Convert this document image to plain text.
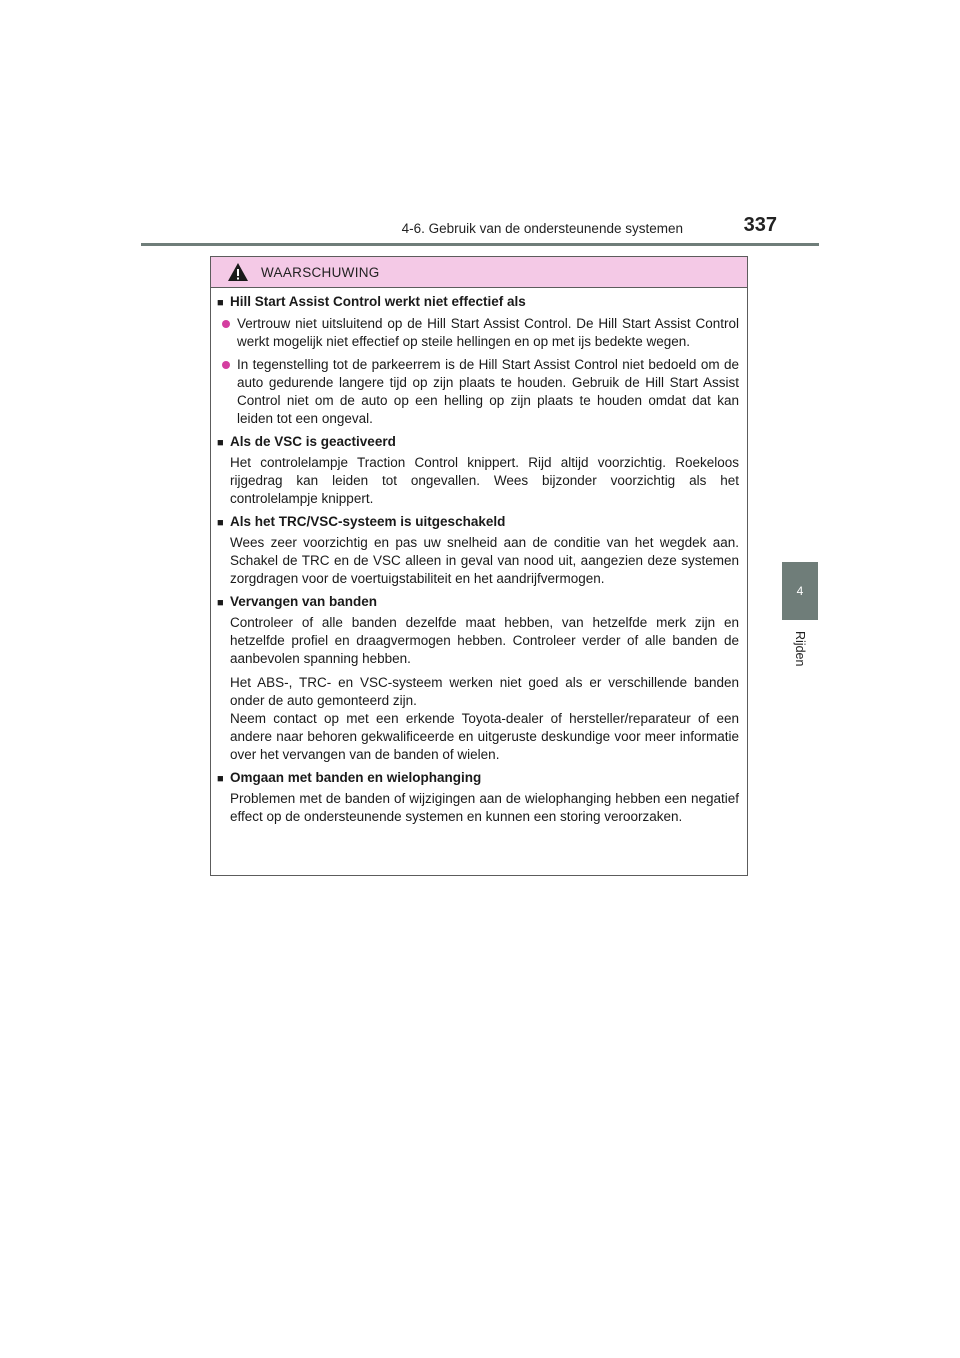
4-6. Gebruik van de ondersteunende systemen	337
4
Rijden
WAARSCHUWING
■ Hill Start Assist Control werkt niet effectief als
Vertrouw niet uitsluitend op de Hill Start Assist Control. De Hill Start Assist Control werkt mogelijk niet effectief op steile hellingen en op met ijs bedekte wegen.
In tegenstelling tot de parkeerrem is de Hill Start Assist Control niet bedoeld om de auto gedurende langere tijd op zijn plaats te houden. Gebruik de Hill Start Assist Control niet om de auto op een helling op zijn plaats te houden omdat dat kan leiden tot een ongeval.
■ Als de VSC is geactiveerd
Het controlelampje Traction Control knippert. Rijd altijd voorzichtig. Roekeloos rijgedrag kan leiden tot ongevallen. Wees bijzonder voorzichtig als het controlelampje knippert.
■ Als het TRC/VSC-systeem is uitgeschakeld
Wees zeer voorzichtig en pas uw snelheid aan de conditie van het wegdek aan. Schakel de TRC en de VSC alleen in geval van nood uit, aangezien deze systemen zorgdragen voor de voertuigstabiliteit en het aandrijfvermogen.
■ Vervangen van banden
Controleer of alle banden dezelfde maat hebben, van hetzelfde merk zijn en hetzelfde profiel en draagvermogen hebben. Controleer verder of alle banden de aanbevolen spanning hebben.
Het ABS-, TRC- en VSC-systeem werken niet goed als er verschillende banden onder de auto gemonteerd zijn.
Neem contact op met een erkende Toyota-dealer of hersteller/reparateur of een andere naar behoren gekwalificeerde en uitgeruste deskundige voor meer informatie over het vervangen van de banden of wielen.
■ Omgaan met banden en wielophanging
Problemen met de banden of wijzigingen aan de wielophanging hebben een negatief effect op de ondersteunende systemen en kunnen een storing veroorzaken.
